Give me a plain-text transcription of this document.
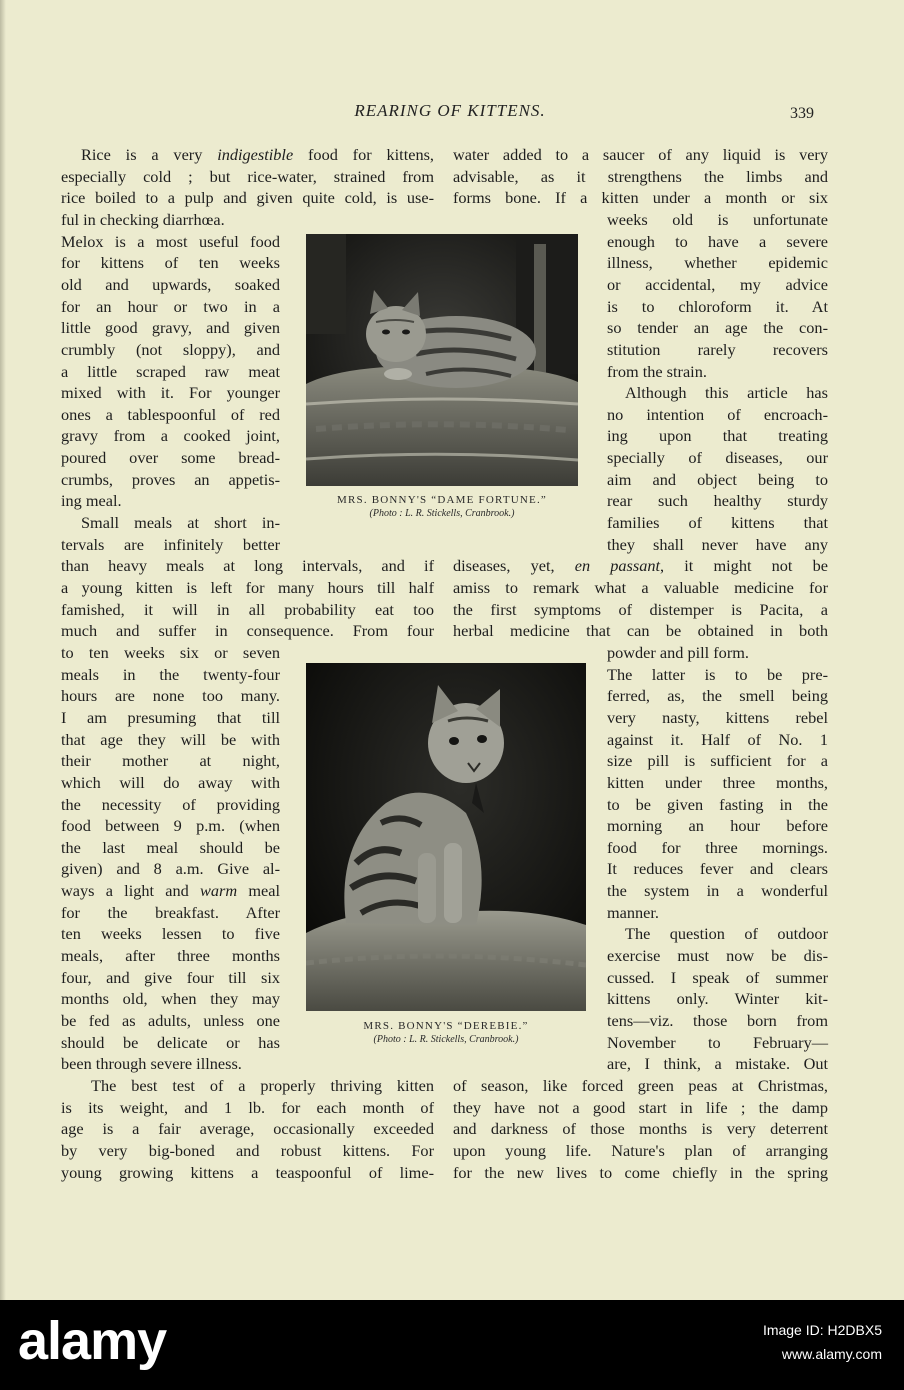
REARING OF KITTENS.	339
Rice is a very indigestible food for kittens,
especially cold ; but rice-water, strained from
rice boiled to a pulp and given quite cold, is use-
ful in checking diarrhœa.
Melox is a most useful food
for kittens of ten weeks
old and upwards, soaked
for an hour or two in a
little good gravy, and given
crumbly (not sloppy), and
a little scraped raw meat
mixed with it. For younger
ones a tablespoonful of red
gravy from a cooked joint,
poured over some bread-
crumbs, proves an appetis-
ing meal.
Small meals at short in-
tervals are infinitely better
than heavy meals at long intervals, and if
a young kitten is left for many hours till half
famished, it will in all probability eat too
much and suffer in consequence. From four
to ten weeks six or seven
meals in the twenty-four
hours are none too many.
I am presuming that till
that age they will be with
their mother at night,
which will do away with
the necessity of providing
food between 9 p.m. (when
the last meal should be
given) and 8 a.m. Give al-
ways a light and warm meal
for the breakfast. After
ten weeks lessen to five
meals, after three months
four, and give four till six
months old, when they may
be fed as adults, unless one
should be delicate or has
been through severe illness.
The best test of a properly thriving kitten
is its weight, and 1 lb. for each month of
age is a fair average, occasionally exceeded
by very big-boned and robust kittens. For
young growing kittens a teaspoonful of lime-
water added to a saucer of any liquid is very
advisable, as it strengthens the limbs and
forms bone. If a kitten under a month or six
weeks old is unfortunate
enough to have a severe
illness, whether epidemic
or accidental, my advice
is to chloroform it. At
so tender an age the con-
stitution rarely recovers
from the strain.
Although this article has
no intention of encroach-
ing upon that treating
specially of diseases, our
aim and object being to
rear such healthy sturdy
families of kittens that
they shall never have any
diseases, yet, en passant, it might not be
amiss to remark what a valuable medicine for
the first symptoms of distemper is Pacita, a
herbal medicine that can be obtained in both
powder and pill form.
The latter is to be pre-
ferred, as, the smell being
very nasty, kittens rebel
against it. Half of No. 1
size pill is sufficient for a
kitten under three months,
to be given fasting in the
morning an hour before
food for three mornings.
It reduces fever and clears
the system in a wonderful
manner.
The question of outdoor
exercise must now be dis-
cussed. I speak of summer
kittens only. Winter kit-
tens—viz. those born from
November to February—
are, I think, a mistake. Out
of season, like forced green peas at Christmas,
they have not a good start in life ; the damp
and darkness of those months is very deterrent
upon young life. Nature's plan of arranging
for the new lives to come chiefly in the spring
MRS. BONNY'S “DAME FORTUNE.”
(Photo : L. R. Stickells, Cranbrook.)
MRS. BONNY'S “DEREBIE.”
(Photo : L. R. Stickells, Cranbrook.)
alamy	Image ID: H2DBX5
www.alamy.com
